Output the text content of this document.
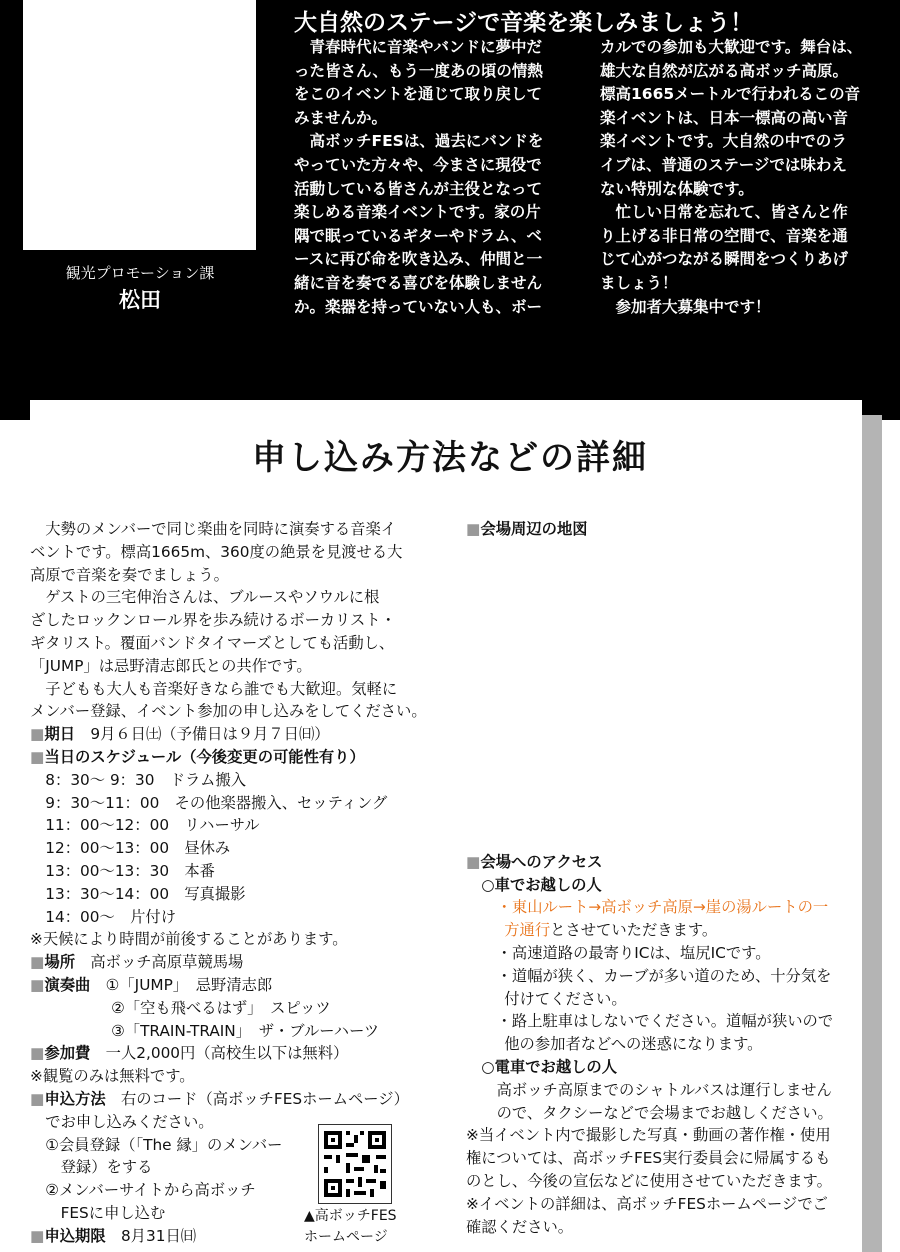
観光プロモーション課
松田
大自然のステージで音楽を楽しみましょう！

　青春時代に音楽やバンドに夢中だ

った皆さん、もう一度あの頃の情熱

をこのイベントを通じて取り戻して

みませんか。

　高ボッチFESは、過去にバンドを

やっていた方々や、今まさに現役で

活動している皆さんが主役となって

楽しめる音楽イベントです。家の片

隅で眠っているギターやドラム、ベ

ースに再び命を吹き込み、仲間と一

緒に音を奏でる喜びを体験しません

か。楽器を持っていない人も、ボー

カルでの参加も大歓迎です。舞台は、

雄大な自然が広がる高ボッチ高原。

標高1665メートルで行われるこの音

楽イベントは、日本一標高の高い音

楽イベントです。大自然の中でのラ

イブは、普通のステージでは味わえ

ない特別な体験です。

　忙しい日常を忘れて、皆さんと作

り上げる非日常の空間で、音楽を通

じて心がつながる瞬間をつくりあげ

ましょう！

　参加者大募集中です！

申し込み方法などの詳細

　大勢のメンバーで同じ楽曲を同時に演奏する音楽イ

ベントです。標高1665m、360度の絶景を見渡せる大

高原で音楽を奏でましょう。

　ゲストの三宅伸治さんは、ブルースやソウルに根

ざしたロックンロール界を歩み続けるボーカリスト・

ギタリスト。覆面バンドタイマーズとしても活動し、

「JUMP」は忌野清志郎氏との共作です。

　子どもも大人も音楽好きなら誰でも大歓迎。気軽に

メンバー登録、イベント参加の申し込みをしてください。

■期日　9月６日㈯（予備日は９月７日㈰）

■当日のスケジュール（今後変更の可能性有り）

8：30～ 9：30　ドラム搬入

9：30～11：00　その他楽器搬入、セッティング

11：00～12：00　リハーサル

12：00～13：00　昼休み

13：00～13：30　本番

13：30～14：00　写真撮影

14：00～　片付け

※天候により時間が前後することがあります。

■場所　高ボッチ高原草競馬場

■演奏曲　 ①「JUMP」　忌野清志郎

②「空も飛べるはず」　スピッツ

③「TRAIN-TRAIN」　ザ・ブルーハーツ

■参加費　一人2,000円（高校生以下は無料）

※観覧のみは無料です。

■申込方法　右のコード（高ボッチFESホームページ）

でお申し込みください。

①会員登録（「The 縁」のメンバー

　登録）をする

②メンバーサイトから高ボッチ

　FESに申し込む

■申込期限　8月31日㈰

▲高ボッチFES
ホームページ

■会場周辺の地図

■会場へのアクセス

○車でお越しの人

・東山ルート→高ボッチ高原→崖の湯ルートの一

方通行とさせていただきます。

・高速道路の最寄りICは、塩尻ICです。

・道幅が狭く、カーブが多い道のため、十分気を

付けてください。

・路上駐車はしないでください。道幅が狭いので

他の参加者などへの迷惑になります。

○電車でお越しの人

高ボッチ高原までのシャトルバスは運行しません

ので、タクシーなどで会場までお越しください。

※当イベント内で撮影した写真・動画の著作権・使用

権については、高ボッチFES実行委員会に帰属するも

のとし、今後の宣伝などに使用させていただきます。

※イベントの詳細は、高ボッチFESホームページでご

確認ください。
